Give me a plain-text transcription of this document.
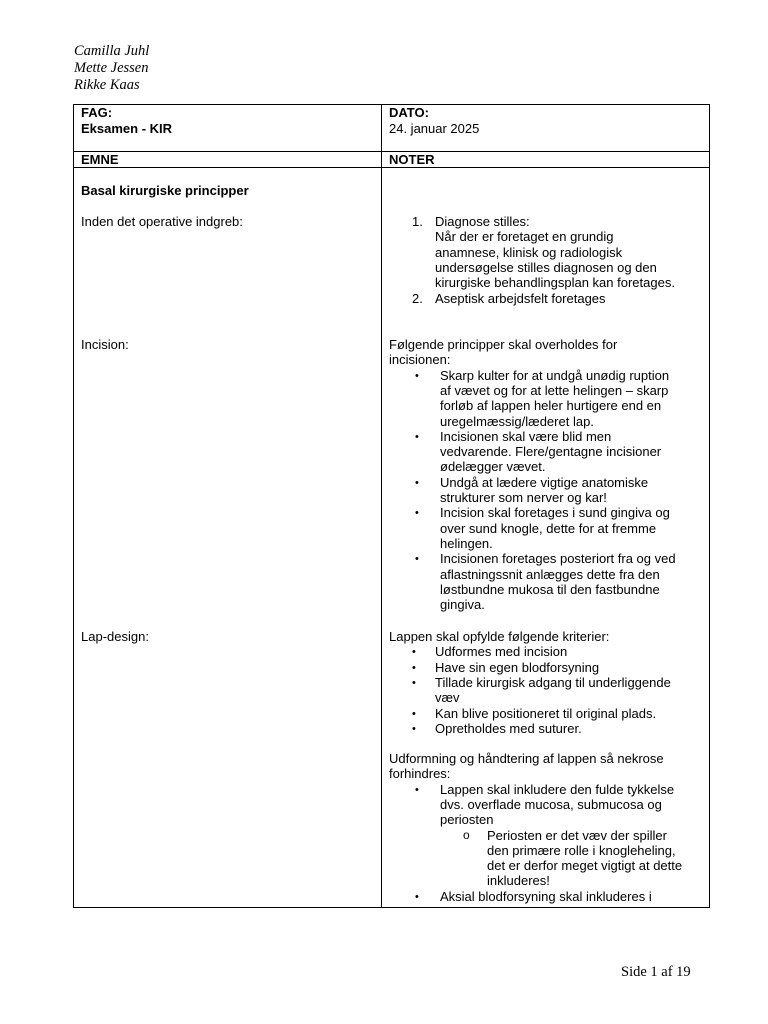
Camilla Juhl
Mette Jessen
Rikke Kaas
FAG:
Eksamen - KIR
DATO:
24. januar 2025
EMNE	NOTER
Basal kirurgiske principper
Inden det operative indgreb:
Incision:
Lap-design:
1. Diagnose stilles:
Når der er foretaget en grundig
anamnese, klinisk og radiologisk
undersøgelse stilles diagnosen og den
kirurgiske behandlingsplan kan foretages.
2. Aseptisk arbejdsfelt foretages
Følgende principper skal overholdes for
incisionen:
• Skarp kulter for at undgå unødig ruption
af vævet og for at lette helingen – skarp
forløb af lappen heler hurtigere end en
uregelmæssig/læderet lap.
• Incisionen skal være blid men
vedvarende. Flere/gentagne incisioner
ødelægger vævet.
• Undgå at lædere vigtige anatomiske
strukturer som nerver og kar!
• Incision skal foretages i sund gingiva og
over sund knogle, dette for at fremme
helingen.
• Incisionen foretages posteriort fra og ved
aflastningssnit anlægges dette fra den
løstbundne mukosa til den fastbundne
gingiva.
Lappen skal opfylde følgende kriterier:
• Udformes med incision
• Have sin egen blodforsyning
• Tillade kirurgisk adgang til underliggende
væv
• Kan blive positioneret til original plads.
• Opretholdes med suturer.
Udformning og håndtering af lappen så nekrose
forhindres:
• Lappen skal inkludere den fulde tykkelse
dvs. overflade mucosa, submucosa og
periosten
o Periosten er det væv der spiller
den primære rolle i knogleheling,
det er derfor meget vigtigt at dette
inkluderes!
• Aksial blodforsyning skal inkluderes i
Side 1 af 19
